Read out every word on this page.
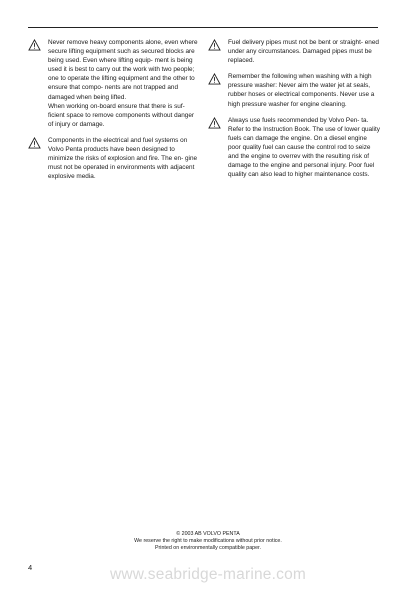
Never remove heavy components alone, even where secure lifting equipment such as secured blocks are being used. Even where lifting equip- ment is being used it is best to carry out the work with two people; one to operate the lifting equipment and the other to ensure that compo- nents are not trapped and damaged when being lifted.

When working on-board ensure that there is suf- ficient space to remove components without danger of injury or damage.

Components in the electrical and fuel systems on Volvo Penta products have been designed to minimize the risks of explosion and fire. The en- gine must not be operated in environments with adjacent explosive media.

Fuel delivery pipes must not be bent or straight- ened under any circumstances. Damaged pipes must be replaced.

Remember the following when washing with a high pressure washer: Never aim the water jet at seals, rubber hoses or electrical components. Never use a high pressure washer for engine cleaning.

Always use fuels recommended by Volvo Pen- ta. Refer to the Instruction Book. The use of lower quality fuels can damage the engine. On a diesel engine poor quality fuel can cause the control rod to seize and the engine to overrev with the resulting risk of damage to the engine and personal injury. Poor fuel quality can also lead to higher maintenance costs.

© 2003 AB VOLVO PENTA
We reserve the right to make modifications without prior notice.
Printed on environmentally compatible paper.
4	www.seabridge-marine.com
